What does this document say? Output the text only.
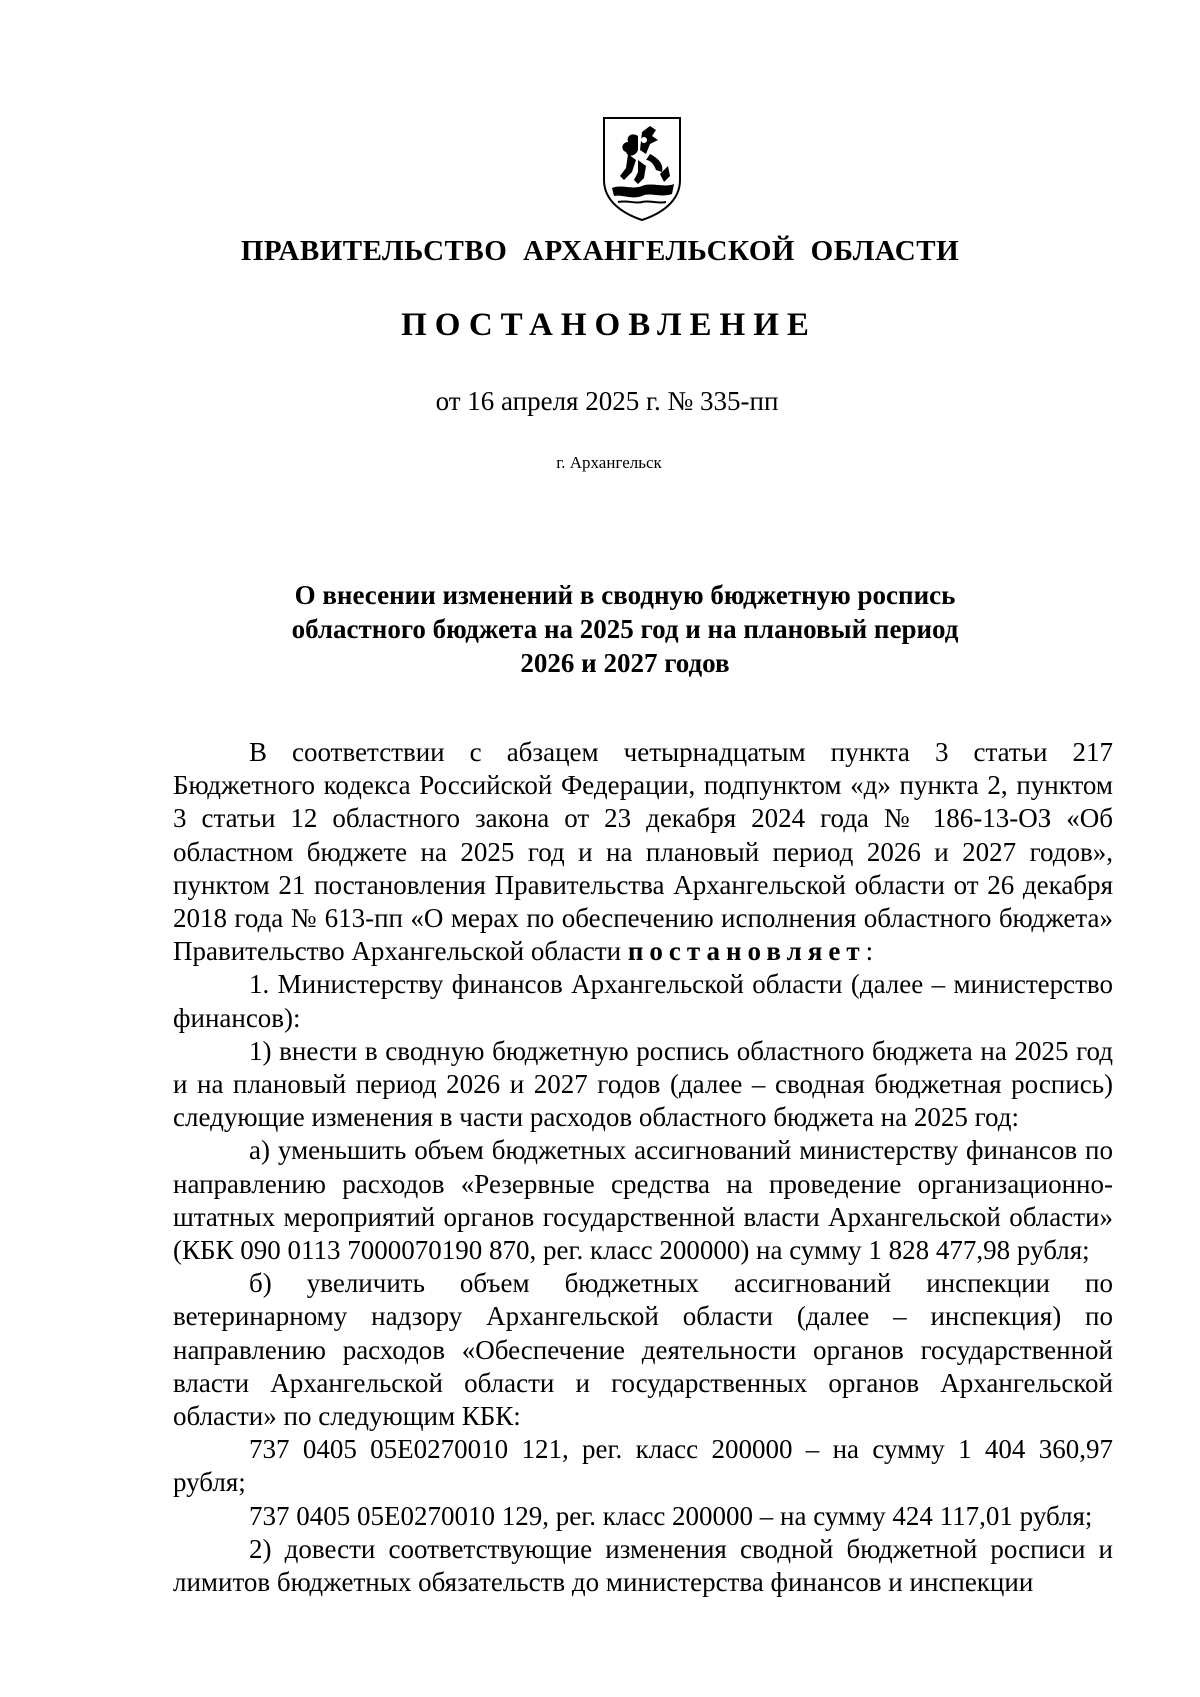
ПРАВИТЕЛЬСТВО АРХАНГЕЛЬСКОЙ ОБЛАСТИ
ПОСТАНОВЛЕНИЕ
от 16 апреля 2025 г. № 335-пп
г. Архангельск
О внесении изменений в сводную бюджетную роспись
областного бюджета на 2025 год и на плановый период
2026 и 2027 годов

В соответствии с абзацем четырнадцатым пункта 3 статьи 217 Бюджетного кодекса Российской Федерации, подпунктом «д» пункта 2, пунктом 3 статьи 12 областного закона от 23 декабря 2024 года № 186-13-ОЗ «Об областном бюджете на 2025 год и на плановый период 2026 и 2027 годов», пунктом 21 постановления Правительства Архангельской области от 26 декабря 2018 года № 613-пп «О мерах по обеспечению исполнения областного бюджета» Правительство Архангельской области постановляет:

1. Министерству финансов Архангельской области (далее – министерство финансов):

1) внести в сводную бюджетную роспись областного бюджета на 2025 год и на плановый период 2026 и 2027 годов (далее – сводная бюджетная роспись) следующие изменения в части расходов областного бюджета на 2025 год:

а) уменьшить объем бюджетных ассигнований министерству финансов по направлению расходов «Резервные средства на проведение организационно-штатных мероприятий органов государственной власти Архангельской области» (КБК 090 0113 7000070190 870, рег. класс 200000) на сумму 1 828 477,98 рубля;

б) увеличить объем бюджетных ассигнований инспекции по ветеринарному надзору Архангельской области (далее – инспекция) по направлению расходов «Обеспечение деятельности органов государственной власти Архангельской области и государственных органов Архангельской области» по следующим КБК:

737 0405 05Е0270010 121, рег. класс 200000 – на сумму 1 404 360,97 рубля;

737 0405 05Е0270010 129, рег. класс 200000 – на сумму 424 117,01 рубля;

2) довести соответствующие изменения сводной бюджетной росписи и лимитов бюджетных обязательств до министерства финансов и инспекции
